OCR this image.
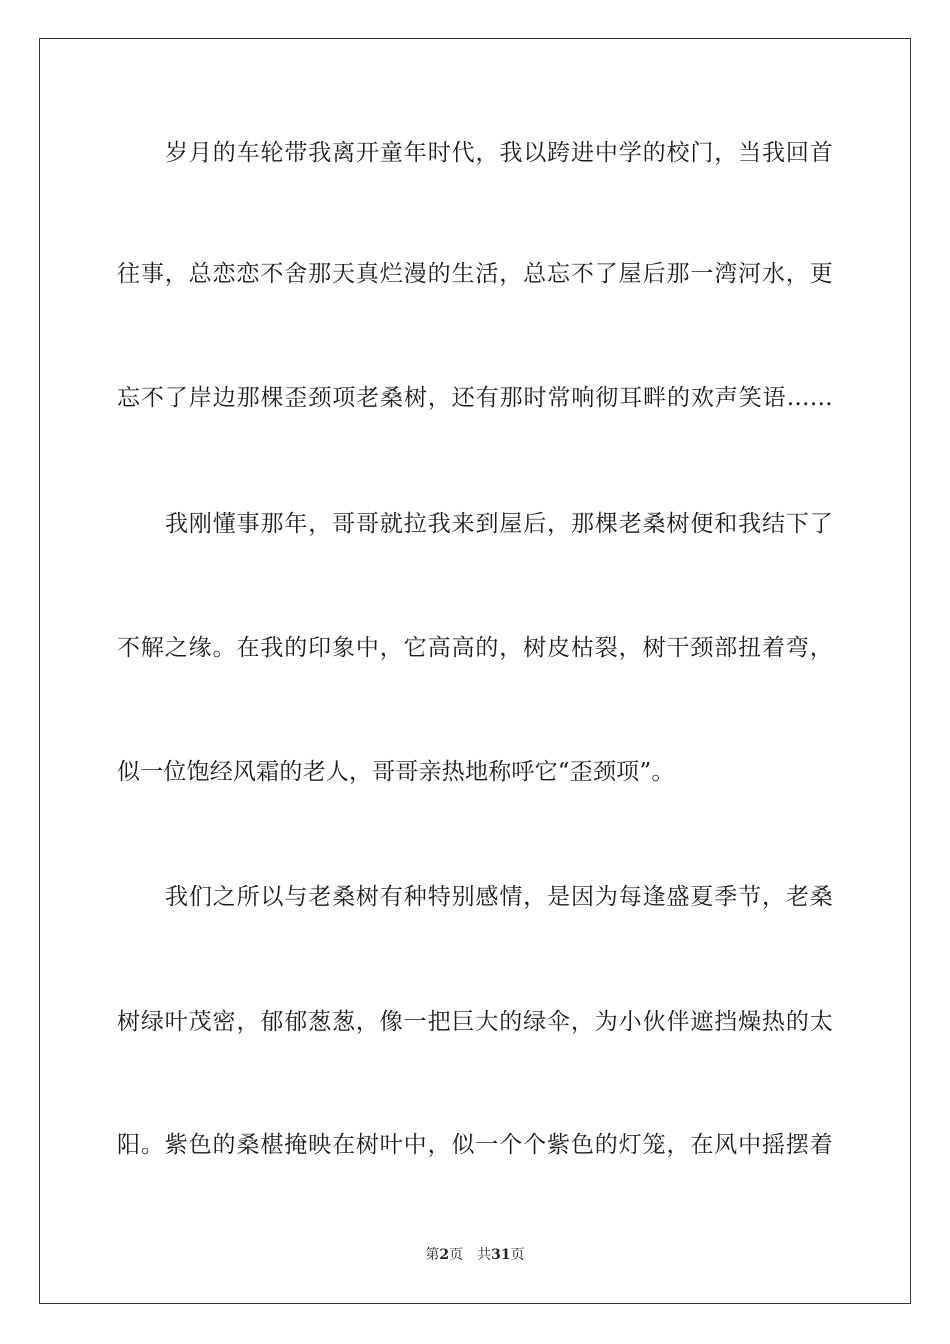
岁月的车轮带我离开童年时代，我以跨进中学的校门，当我回首
往事，总恋恋不舍那天真烂漫的生活，总忘不了屋后那一湾河水，更
忘不了岸边那棵歪颈项老桑树，还有那时常响彻耳畔的欢声笑语……
我刚懂事那年，哥哥就拉我来到屋后，那棵老桑树便和我结下了
不解之缘。在我的印象中，它高高的，树皮枯裂，树干颈部扭着弯，
似一位饱经风霜的老人，哥哥亲热地称呼它“歪颈项”。
我们之所以与老桑树有种特别感情，是因为每逢盛夏季节，老桑
树绿叶茂密，郁郁葱葱，像一把巨大的绿伞，为小伙伴遮挡燥热的太
阳。紫色的桑椹掩映在树叶中，似一个个紫色的灯笼，在风中摇摆着
第2页 共31页
